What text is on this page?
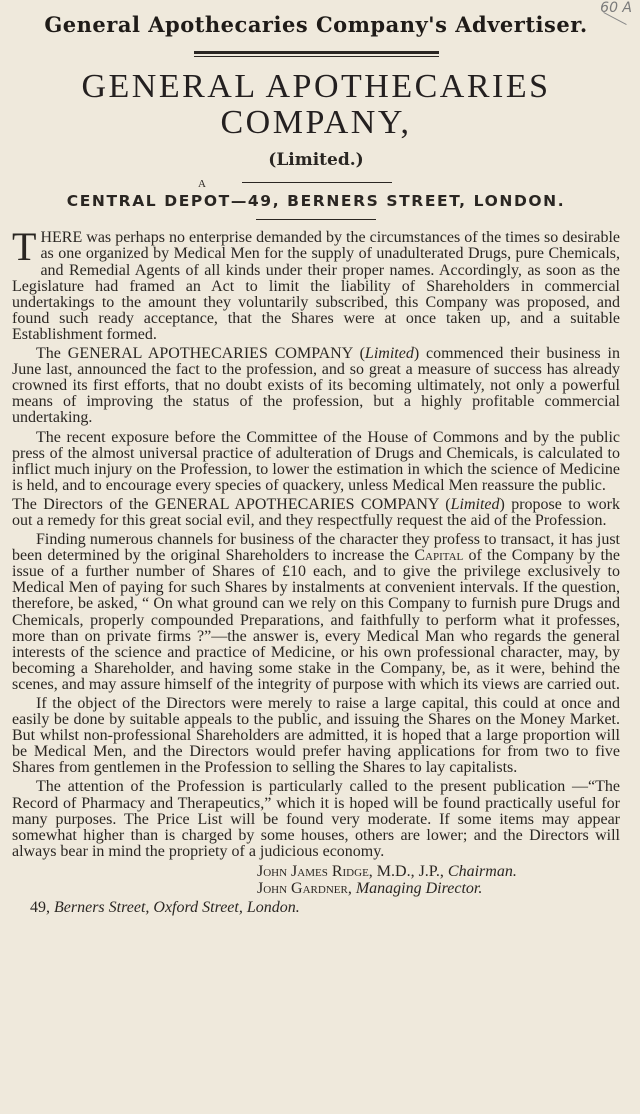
60 A
General Apothecaries Company's Advertiser.
GENERAL APOTHECARIES COMPANY,
(Limited.)
A
CENTRAL DEPOT—49, BERNERS STREET, LONDON.

THERE was perhaps no enterprise demanded by the circumstances of the times so desirable as one organized by Medical Men for the supply of unadulterated Drugs, pure Chemicals, and Remedial Agents of all kinds under their proper names. Accordingly, as soon as the Legislature had framed an Act to limit the liability of Shareholders in commercial undertakings to the amount they voluntarily subscribed, this Company was proposed, and found such ready acceptance, that the Shares were at once taken up, and a suitable Establishment formed.

The GENERAL APOTHECARIES COMPANY (Limited) commenced their business in June last, announced the fact to the profession, and so great a measure of success has already crowned its first efforts, that no doubt exists of its becoming ultimately, not only a powerful means of improving the status of the profession, but a highly profitable commercial undertaking.

The recent exposure before the Committee of the House of Commons and by the public press of the almost universal practice of adulteration of Drugs and Chemicals, is calculated to inflict much injury on the Profession, to lower the estimation in which the science of Medicine is held, and to encourage every species of quackery, unless Medical Men reassure the public.

The Directors of the GENERAL APOTHECARIES COMPANY (Limited) propose to work out a remedy for this great social evil, and they respectfully request the aid of the Profession.

Finding numerous channels for business of the character they profess to transact, it has just been determined by the original Shareholders to increase the Capital of the Company by the issue of a further number of Shares of £10 each, and to give the privilege exclusively to Medical Men of paying for such Shares by instalments at convenient intervals. If the question, therefore, be asked, “ On what ground can we rely on this Company to furnish pure Drugs and Chemicals, properly compounded Preparations, and faithfully to perform what it professes, more than on private firms ?”—the answer is, every Medical Man who regards the general interests of the science and practice of Medicine, or his own professional character, may, by becoming a Shareholder, and having some stake in the Company, be, as it were, behind the scenes, and may assure himself of the integrity of purpose with which its views are carried out.

If the object of the Directors were merely to raise a large capital, this could at once and easily be done by suitable appeals to the public, and issuing the Shares on the Money Market. But whilst non-professional Shareholders are admitted, it is hoped that a large proportion will be Medical Men, and the Directors would prefer having applications for from two to five Shares from gentlemen in the Profession to selling the Shares to lay capitalists.

The attention of the Profession is particularly called to the present publication —“The Record of Pharmacy and Therapeutics,” which it is hoped will be found practically useful for many purposes. The Price List will be found very moderate. If some items may appear somewhat higher than is charged by some houses, others are lower; and the Directors will always bear in mind the propriety of a judicious economy.

John James Ridge, M.D., J.P., Chairman.
John Gardner, Managing Director.
49, Berners Street, Oxford Street, London.
